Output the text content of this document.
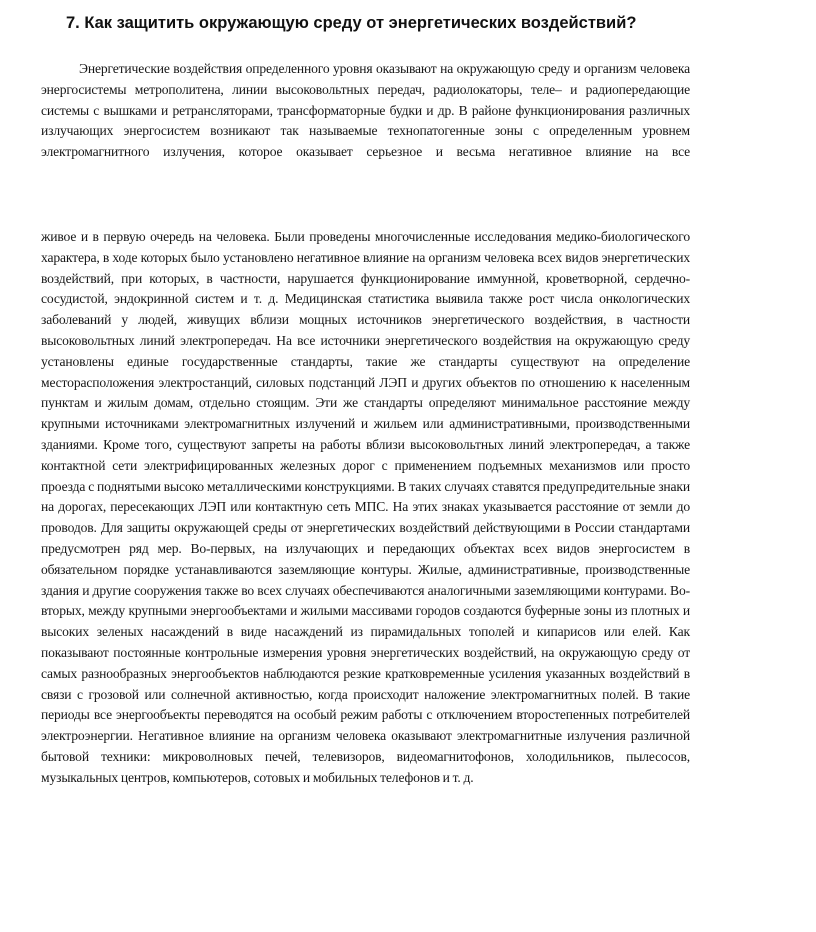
7. Как защитить окружающую среду от энергетических воздействий?

Энергетические воздействия определенного уровня оказывают на окружающую среду и организм человека энергосистемы метрополитена, линии высоковольтных передач, радиолокаторы, теле– и радиопередающие системы с вышками и ретрансляторами, трансформаторные будки и др. В районе функционирования различных излучающих энергосистем возникают так называемые технопатогенные зоны с определенным уровнем электромагнитного излучения, которое оказывает серьезное и весьма негативное влияние на все

живое и в первую очередь на человека. Были проведены многочисленные исследования медико-биологического характера, в ходе которых было установлено негативное влияние на организм человека всех видов энергетических воздействий, при которых, в частности, нарушается функционирование иммунной, кроветворной, сердечно-сосудистой, эндокринной систем и т. д. Медицинская статистика выявила также рост числа онкологических заболеваний у людей, живущих вблизи мощных источников энергетического воздействия, в частности высоковольтных линий электропередач. На все источники энергетического воздействия на окружающую среду установлены единые государственные стандарты, такие же стандарты существуют на определение месторасположения электростанций, силовых подстанций ЛЭП и других объектов по отношению к населенным пунктам и жилым домам, отдельно стоящим. Эти же стандарты определяют минимальное расстояние между крупными источниками электромагнитных излучений и жильем или административными, производственными зданиями. Кроме того, существуют запреты на работы вблизи высоковольтных линий электропередач, а также контактной сети электрифицированных железных дорог с применением подъемных механизмов или просто проезда с поднятыми высоко металлическими конструкциями. В таких случаях ставятся предупредительные знаки на дорогах, пересекающих ЛЭП или контактную сеть МПС. На этих знаках указывается расстояние от земли до проводов. Для защиты окружающей среды от энергетических воздействий действующими в России стандартами предусмотрен ряд мер. Во-первых, на излучающих и передающих объектах всех видов энергосистем в обязательном порядке устанавливаются заземляющие контуры. Жилые, административные, производственные здания и другие сооружения также во всех случаях обеспечиваются аналогичными заземляющими контурами. Во-вторых, между крупными энергообъектами и жилыми массивами городов создаются буферные зоны из плотных и высоких зеленых насаждений в виде насаждений из пирамидальных тополей и кипарисов или елей. Как показывают постоянные контрольные измерения уровня энергетических воздействий, на окружающую среду от самых разнообразных энергообъектов наблюдаются резкие кратковременные усиления указанных воздействий в связи с грозовой или солнечной активностью, когда происходит наложение электромагнитных полей. В такие периоды все энергообъекты переводятся на особый режим работы с отключением второстепенных потребителей электроэнергии. Негативное влияние на организм человека оказывают электромагнитные излучения различной бытовой техники: микроволновых печей, телевизоров, видеомагнитофонов, холодильников, пылесосов, музыкальных центров, компьютеров, сотовых и мобильных телефонов и т. д.
